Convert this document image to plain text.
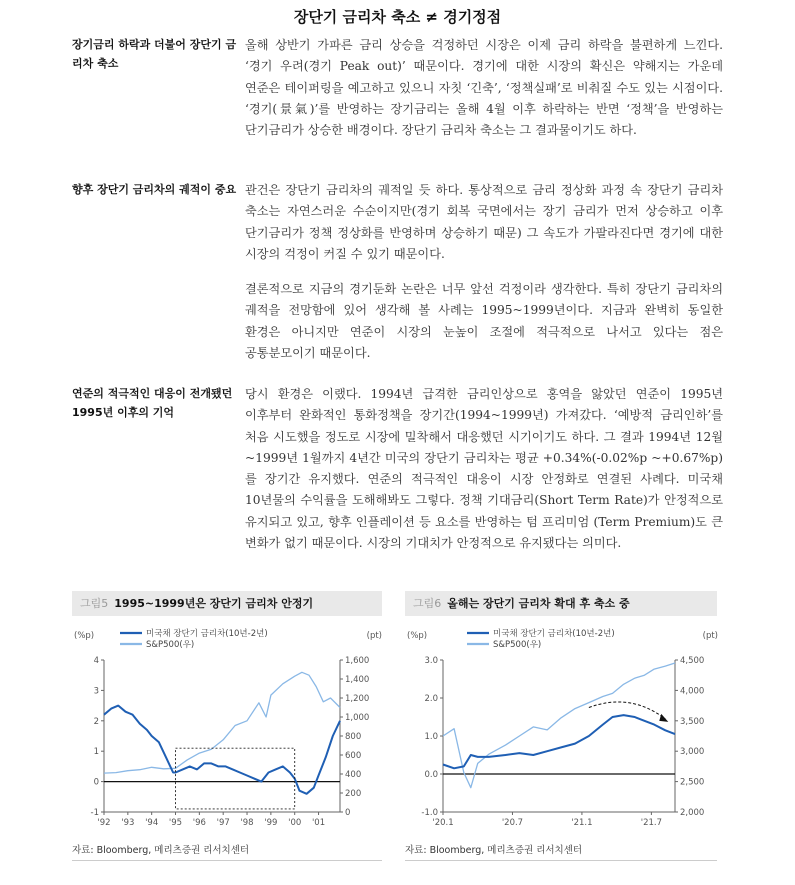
장단기 금리차 축소 ≠ 경기정점
장기금리 하락과 더불어 장단기 금리차 축소

올해 상반기 가파른 금리 상승을 걱정하던 시장은 이제 금리 하락을 불편하게 느낀다. ‘경기 우려(경기 Peak out)’ 때문이다. 경기에 대한 시장의 확신은 약해지는 가운데 연준은 테이퍼링을 예고하고 있으니 자칫 ‘긴축’, ‘정책실패’로 비춰질 수도 있는 시점이다. ‘경기(景氣)’를 반영하는 장기금리는 올해 4월 이후 하락하는 반면 ‘정책’을 반영하는 단기금리가 상승한 배경이다. 장단기 금리차 축소는 그 결과물이기도 하다.

향후 장단기 금리차의 궤적이 중요 관건은 장단기 금리차의 궤적일 듯 하다. 통상적으로 금리 정상화 과정 속 장단기 금리차 축소는 자연스러운 수순이지만(경기 회복 국면에서는 장기 금리가 먼저 상승하고 이후 단기금리가 정책 정상화를 반영하며 상승하기 때문) 그 속도가 가팔라진다면 경기에 대한 시장의 걱정이 커질 수 있기 때문이다.

결론적으로 지금의 경기둔화 논란은 너무 앞선 걱정이라 생각한다. 특히 장단기 금리차의 궤적을 전망함에 있어 생각해 볼 사례는 1995~1999년이다. 지금과 완벽히 동일한 환경은 아니지만 연준이 시장의 눈높이 조절에 적극적으로 나서고 있다는 점은 공통분모이기 때문이다.

연준의 적극적인 대응이 전개됐던 1995년 이후의 기억

당시 환경은 이랬다. 1994년 급격한 금리인상으로 홍역을 앓았던 연준이 1995년 이후부터 완화적인 통화정책을 장기간(1994~1999년) 가져갔다. ‘예방적 금리인하’를 처음 시도했을 정도로 시장에 밀착해서 대응했던 시기이기도 하다. 그 결과 1994년 12월~1999년 1월까지 4년간 미국의 장단기 금리차는 평균 +0.34%(-0.02%p ~+0.67%p)를 장기간 유지했다. 연준의 적극적인 대응이 시장 안정화로 연결된 사례다. 미국채 10년물의 수익률을 도해해봐도 그렇다. 정책 기대금리(Short Term Rate)가 안정적으로 유지되고 있고, 향후 인플레이션 등 요소를 반영하는 텀 프리미엄 (Term Premium)도 큰 변화가 없기 때문이다. 시장의 기대치가 안정적으로 유지됐다는 의미다.

그림5 1995~1999년은 장단기 금리차 안정기
(%p)	(pt)
미국채 장단기 금리차(10년-2년)
S&P500(우)
4
3
2
1
0
-1
1,600
1,400
1,200
1,000
800
600
400
200
0
'92 '93 '94 '95 '96 '97 '98 '99 '00 '01
자료: Bloomberg, 메리츠증권 리서치센터
그림6 올해는 장단기 금리차 확대 후 축소 중
(%p)	(pt)
미국채 장단기 금리차(10년-2년)
S&P500(우)
3.0
2.0
1.0
0.0
-1.0
4,500
4,000
3,500
3,000
2,500
2,000
'20.1	'20.7	'21.1	'21.7
자료: Bloomberg, 메리츠증권 리서치센터
